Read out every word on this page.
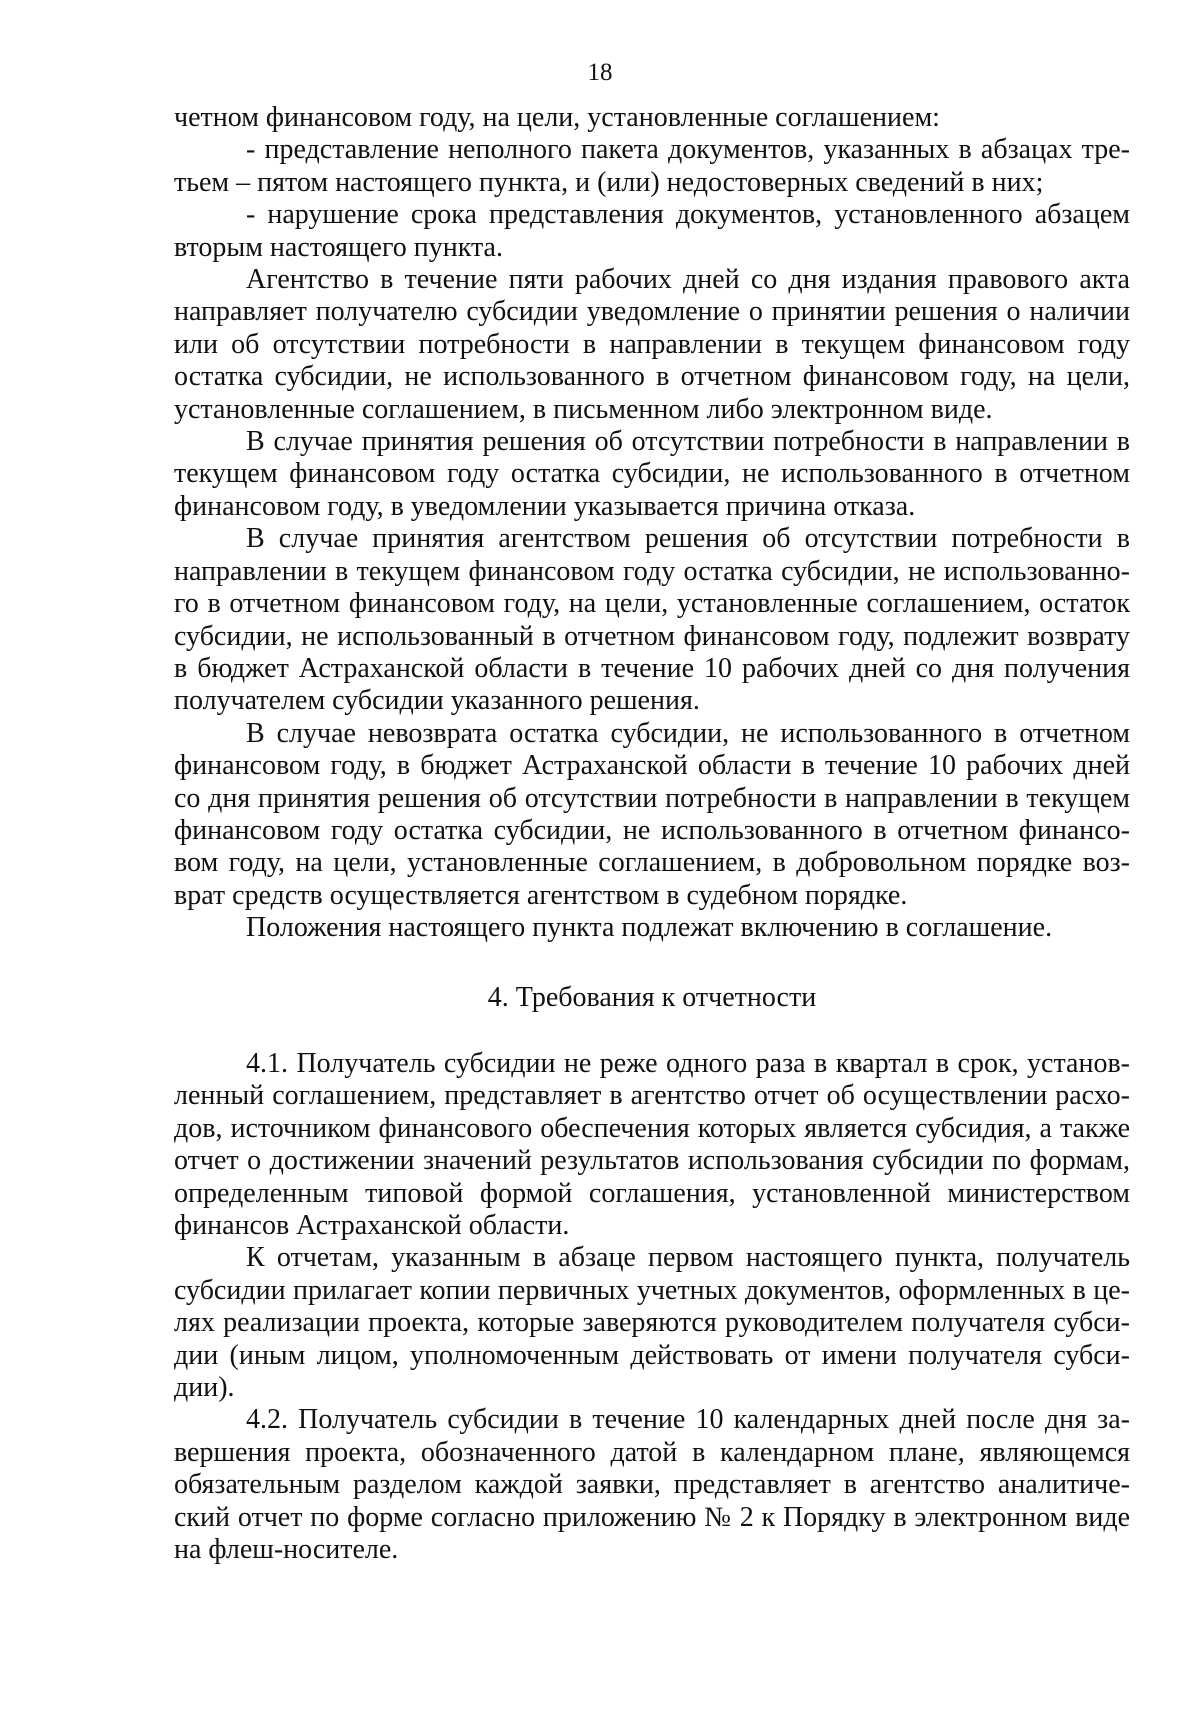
18

четном финансовом году, на цели, установленные соглашением:

- представление неполного пакета документов, указанных в абзацах третьем – пятом настоящего пункта, и (или) недостоверных сведений в них;

- нарушение срока представления документов, установленного абзацем вторым настоящего пункта.

Агентство в течение пяти рабочих дней со дня издания правового акта направляет получателю субсидии уведомление о принятии решения о наличии или об отсутствии потребности в направлении в текущем финансовом году остатка субсидии, не использованного в отчетном финансовом году, на цели, установленные соглашением, в письменном либо электронном виде.

В случае принятия решения об отсутствии потребности в направлении в текущем финансовом году остатка субсидии, не использованного в отчетном финансовом году, в уведомлении указывается причина отказа.

В случае принятия агентством решения об отсутствии потребности в направлении в текущем финансовом году остатка субсидии, не использованного в отчетном финансовом году, на цели, установленные соглашением, остаток субсидии, не использованный в отчетном финансовом году, подлежит возврату в бюджет Астраханской области в течение 10 рабочих дней со дня получения получателем субсидии указанного решения.

В случае невозврата остатка субсидии, не использованного в отчетном финансовом году, в бюджет Астраханской области в течение 10 рабочих дней со дня принятия решения об отсутствии потребности в направлении в текущем финансовом году остатка субсидии, не использованного в отчетном финансовом году, на цели, установленные соглашением, в добровольном порядке возврат средств осуществляется агентством в судебном порядке.

Положения настоящего пункта подлежат включению в соглашение.

4. Требования к отчетности

4.1. Получатель субсидии не реже одного раза в квартал в срок, установленный соглашением, представляет в агентство отчет об осуществлении расходов, источником финансового обеспечения которых является субсидия, а также отчет о достижении значений результатов использования субсидии по формам, определенным типовой формой соглашения, установленной министерством финансов Астраханской области.

К отчетам, указанным в абзаце первом настоящего пункта, получатель субсидии прилагает копии первичных учетных документов, оформленных в целях реализации проекта, которые заверяются руководителем получателя субсидии (иным лицом, уполномоченным действовать от имени получателя субсидии).

4.2. Получатель субсидии в течение 10 календарных дней после дня завершения проекта, обозначенного датой в календарном плане, являющемся обязательным разделом каждой заявки, представляет в агентство аналитический отчет по форме согласно приложению № 2 к Порядку в электронном виде на флеш-носителе.
